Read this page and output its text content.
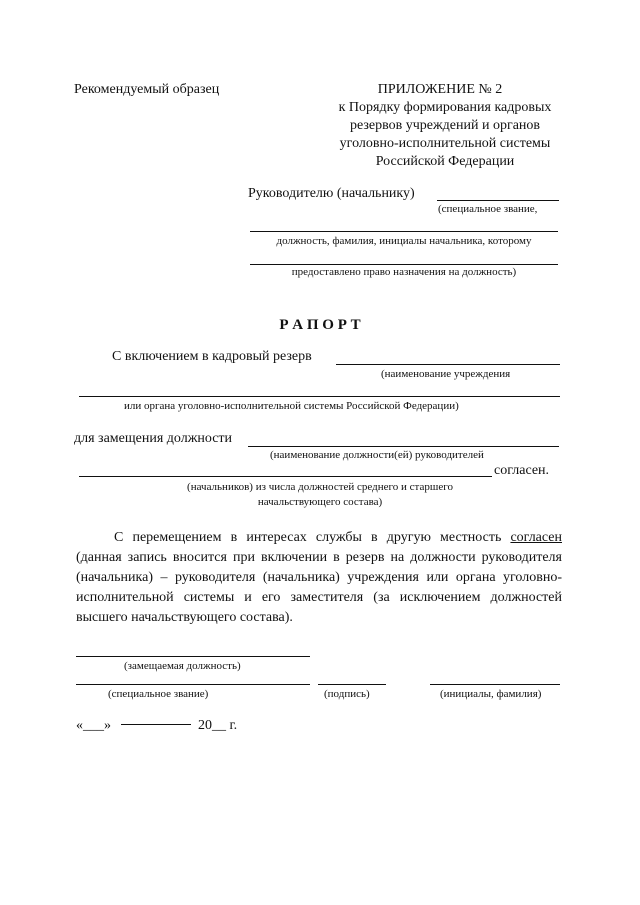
Рекомендуемый образец	ПРИЛОЖЕНИЕ № 2
к Порядку формирования кадровых
резервов учреждений и органов
уголовно-исполнительной системы
Российской Федерации
Руководителю (начальнику)
(специальное звание,
должность, фамилия, инициалы начальника, которому
предоставлено право назначения на должность)
Р А П О Р Т
С включением в кадровый резерв
(наименование учреждения
или органа уголовно-исполнительной системы Российской Федерации)
для замещения должности
(наименование должности(ей) руководителей
согласен.
(начальников) из числа должностей среднего и старшего
начальствующего состава)
С перемещением в интересах службы в другую местность согласен (данная запись вносится при включении в резерв на должности руководителя (начальника) – руководителя (начальника) учреждения или органа уголовно-исполнительной системы и его заместителя (за исключением должностей высшего начальствующего состава).
(замещаемая должность)
(специальное звание)	(подпись)	(инициалы, фамилия)
«___»	20__ г.
